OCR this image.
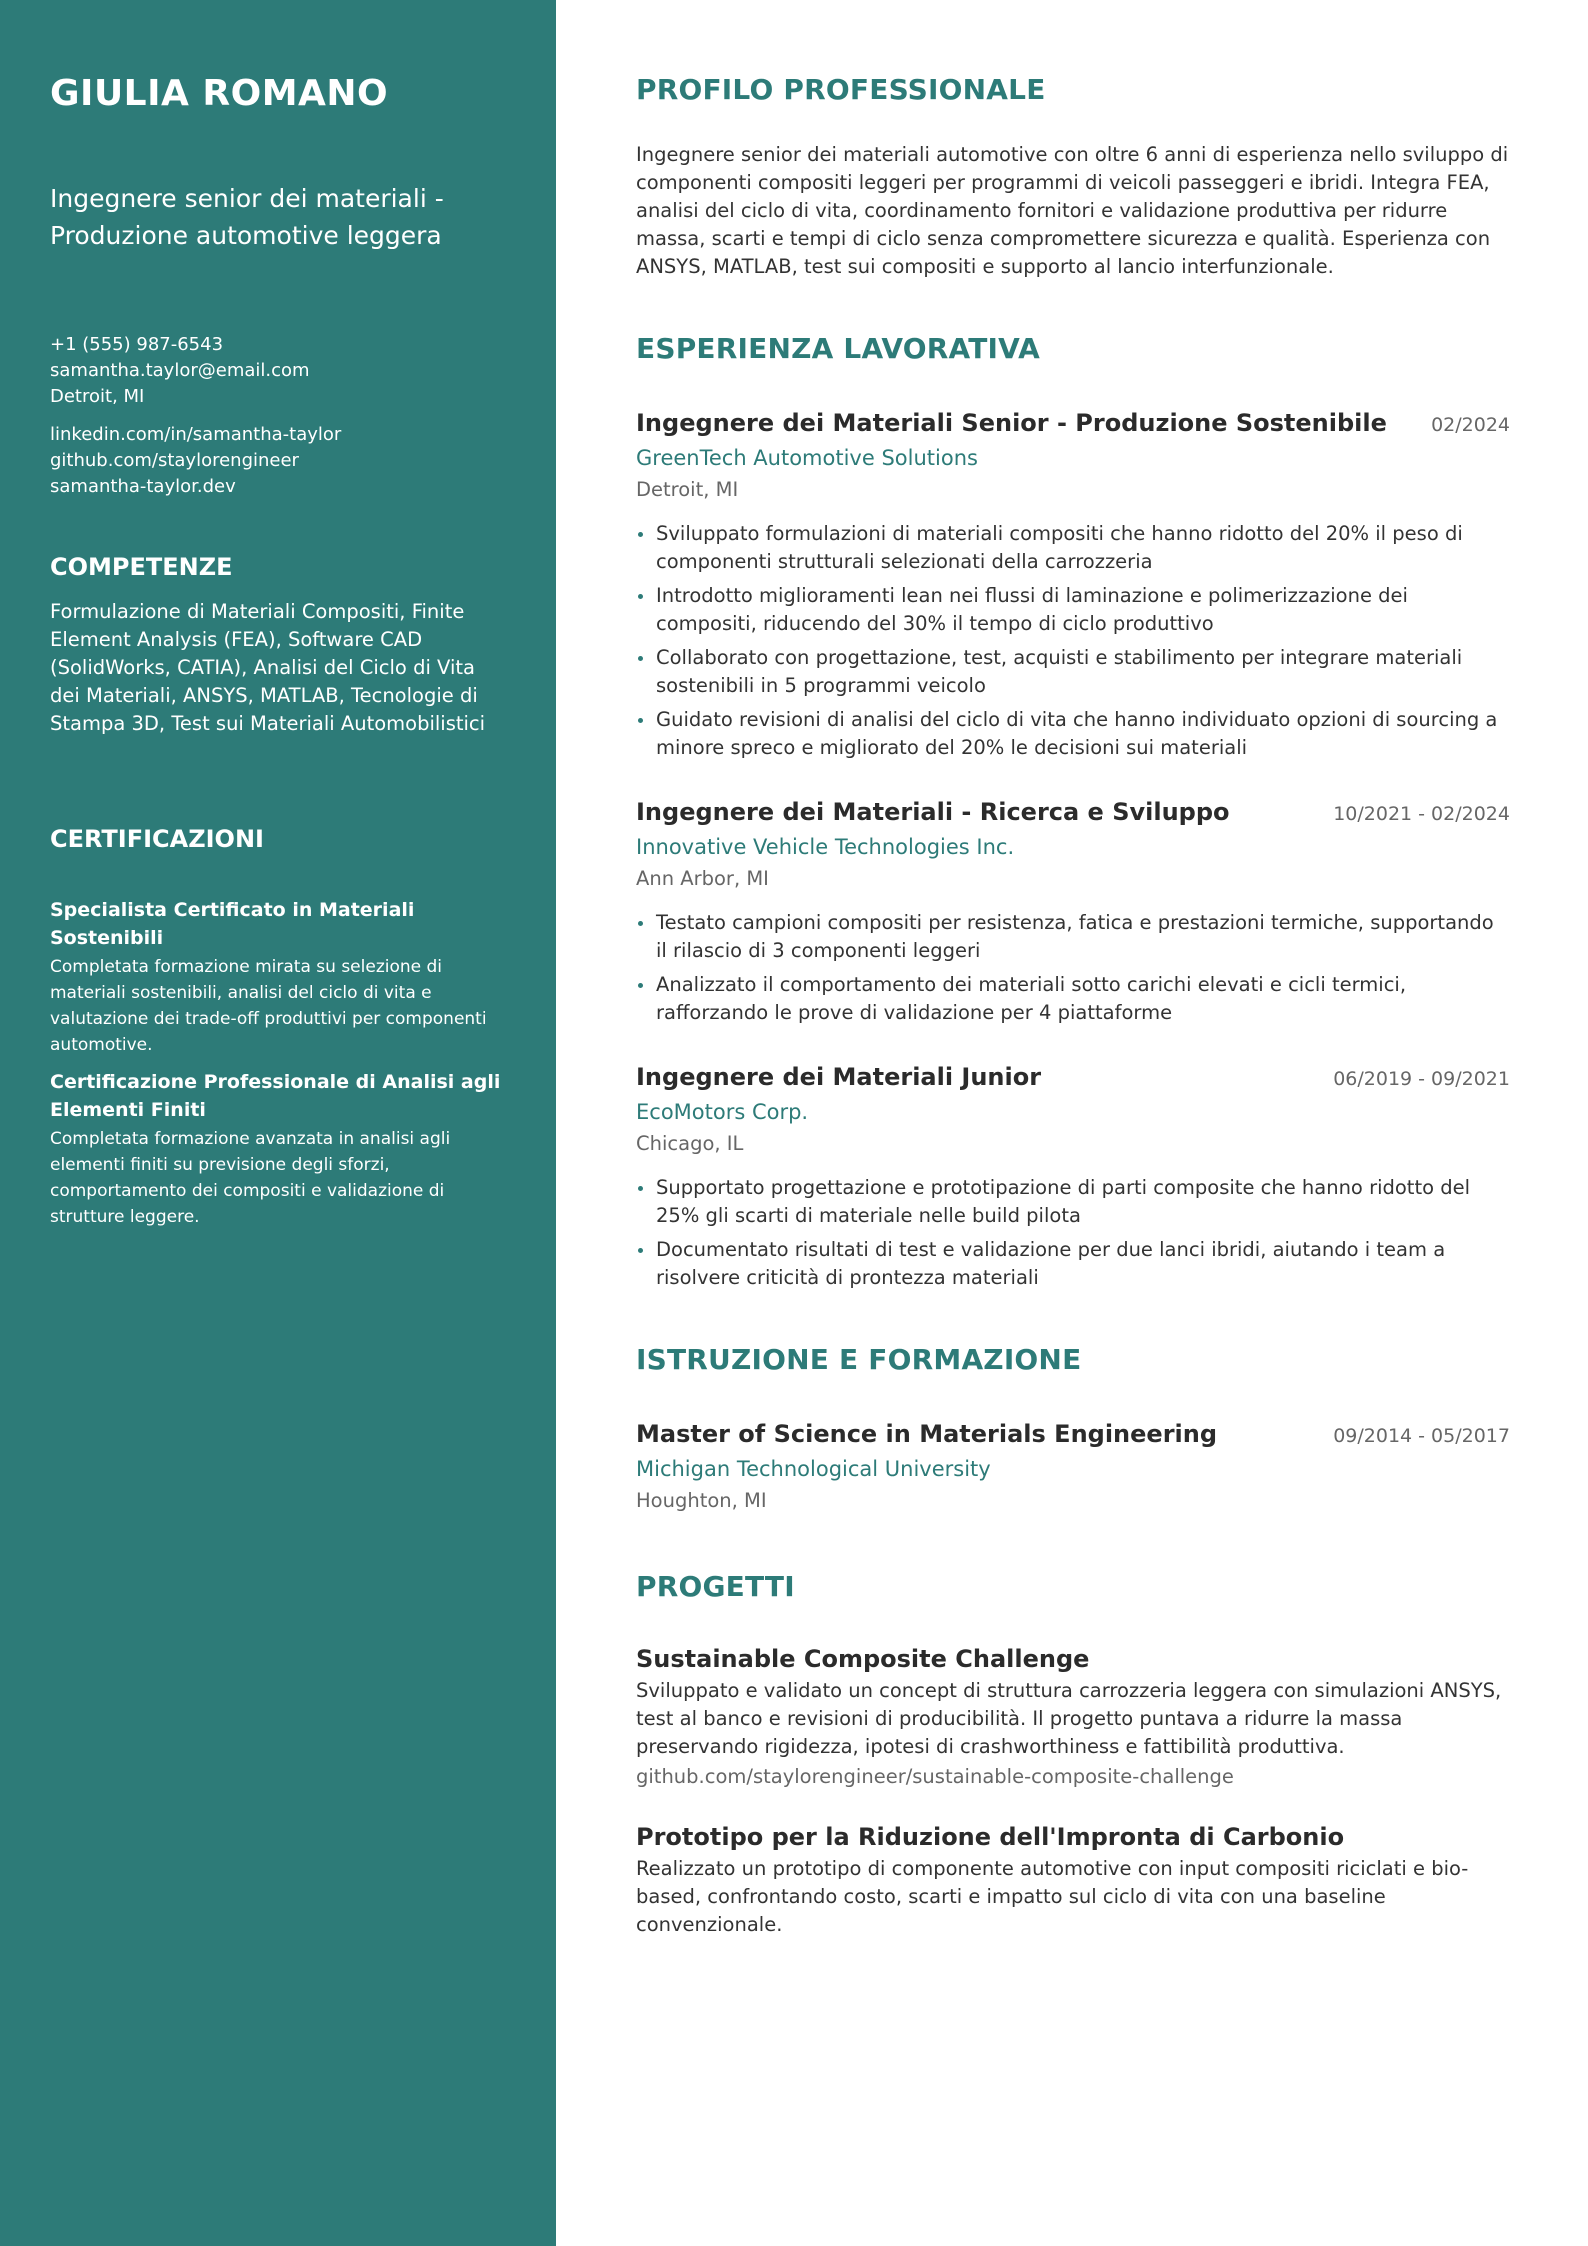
GIULIA ROMANO
Ingegnere senior dei materiali - Produzione automotive leggera
+1 (555) 987-6543
samantha.taylor@email.com
Detroit, MI
linkedin.com/in/samantha-taylor
github.com/staylorengineer
samantha-taylor.dev
COMPETENZE
Formulazione di Materiali Compositi, Finite Element Analysis (FEA), Software CAD (SolidWorks, CATIA), Analisi del Ciclo di Vita dei Materiali, ANSYS, MATLAB, Tecnologie di Stampa 3D, Test sui Materiali Automobilistici
CERTIFICAZIONI
Specialista Certificato in Materiali Sostenibili
Completata formazione mirata su selezione di materiali sostenibili, analisi del ciclo di vita e valutazione dei trade-off produttivi per componenti automotive.
Certificazione Professionale di Analisi agli Elementi Finiti
Completata formazione avanzata in analisi agli elementi finiti su previsione degli sforzi, comportamento dei compositi e validazione di strutture leggere.
PROFILO PROFESSIONALE
Ingegnere senior dei materiali automotive con oltre 6 anni di esperienza nello sviluppo di componenti compositi leggeri per programmi di veicoli passeggeri e ibridi. Integra FEA, analisi del ciclo di vita, coordinamento fornitori e validazione produttiva per ridurre massa, scarti e tempi di ciclo senza compromettere sicurezza e qualità. Esperienza con ANSYS, MATLAB, test sui compositi e supporto al lancio interfunzionale.
ESPERIENZA LAVORATIVA
Ingegnere dei Materiali Senior - Produzione Sostenibile 02/2024
GreenTech Automotive Solutions
Detroit, MI
Sviluppato formulazioni di materiali compositi che hanno ridotto del 20% il peso di componenti strutturali selezionati della carrozzeria
Introdotto miglioramenti lean nei flussi di laminazione e polimerizzazione dei compositi, riducendo del 30% il tempo di ciclo produttivo
Collaborato con progettazione, test, acquisti e stabilimento per integrare materiali sostenibili in 5 programmi veicolo
Guidato revisioni di analisi del ciclo di vita che hanno individuato opzioni di sourcing a minore spreco e migliorato del 20% le decisioni sui materiali
Ingegnere dei Materiali - Ricerca e Sviluppo	10/2021 - 02/2024
Innovative Vehicle Technologies Inc.
Ann Arbor, MI
Testato campioni compositi per resistenza, fatica e prestazioni termiche, supportando il rilascio di 3 componenti leggeri
Analizzato il comportamento dei materiali sotto carichi elevati e cicli termici, rafforzando le prove di validazione per 4 piattaforme
Ingegnere dei Materiali Junior	06/2019 - 09/2021
EcoMotors Corp.
Chicago, IL
Supportato progettazione e prototipazione di parti composite che hanno ridotto del 25% gli scarti di materiale nelle build pilota
Documentato risultati di test e validazione per due lanci ibridi, aiutando i team a risolvere criticità di prontezza materiali
ISTRUZIONE E FORMAZIONE
Master of Science in Materials Engineering	09/2014 - 05/2017
Michigan Technological University
Houghton, MI
PROGETTI
Sustainable Composite Challenge
Sviluppato e validato un concept di struttura carrozzeria leggera con simulazioni ANSYS, test al banco e revisioni di producibilità. Il progetto puntava a ridurre la massa preservando rigidezza, ipotesi di crashworthiness e fattibilità produttiva.
github.com/staylorengineer/sustainable-composite-challenge
Prototipo per la Riduzione dell'Impronta di Carbonio
Realizzato un prototipo di componente automotive con input compositi riciclati e bio-based, confrontando costo, scarti e impatto sul ciclo di vita con una baseline convenzionale.
